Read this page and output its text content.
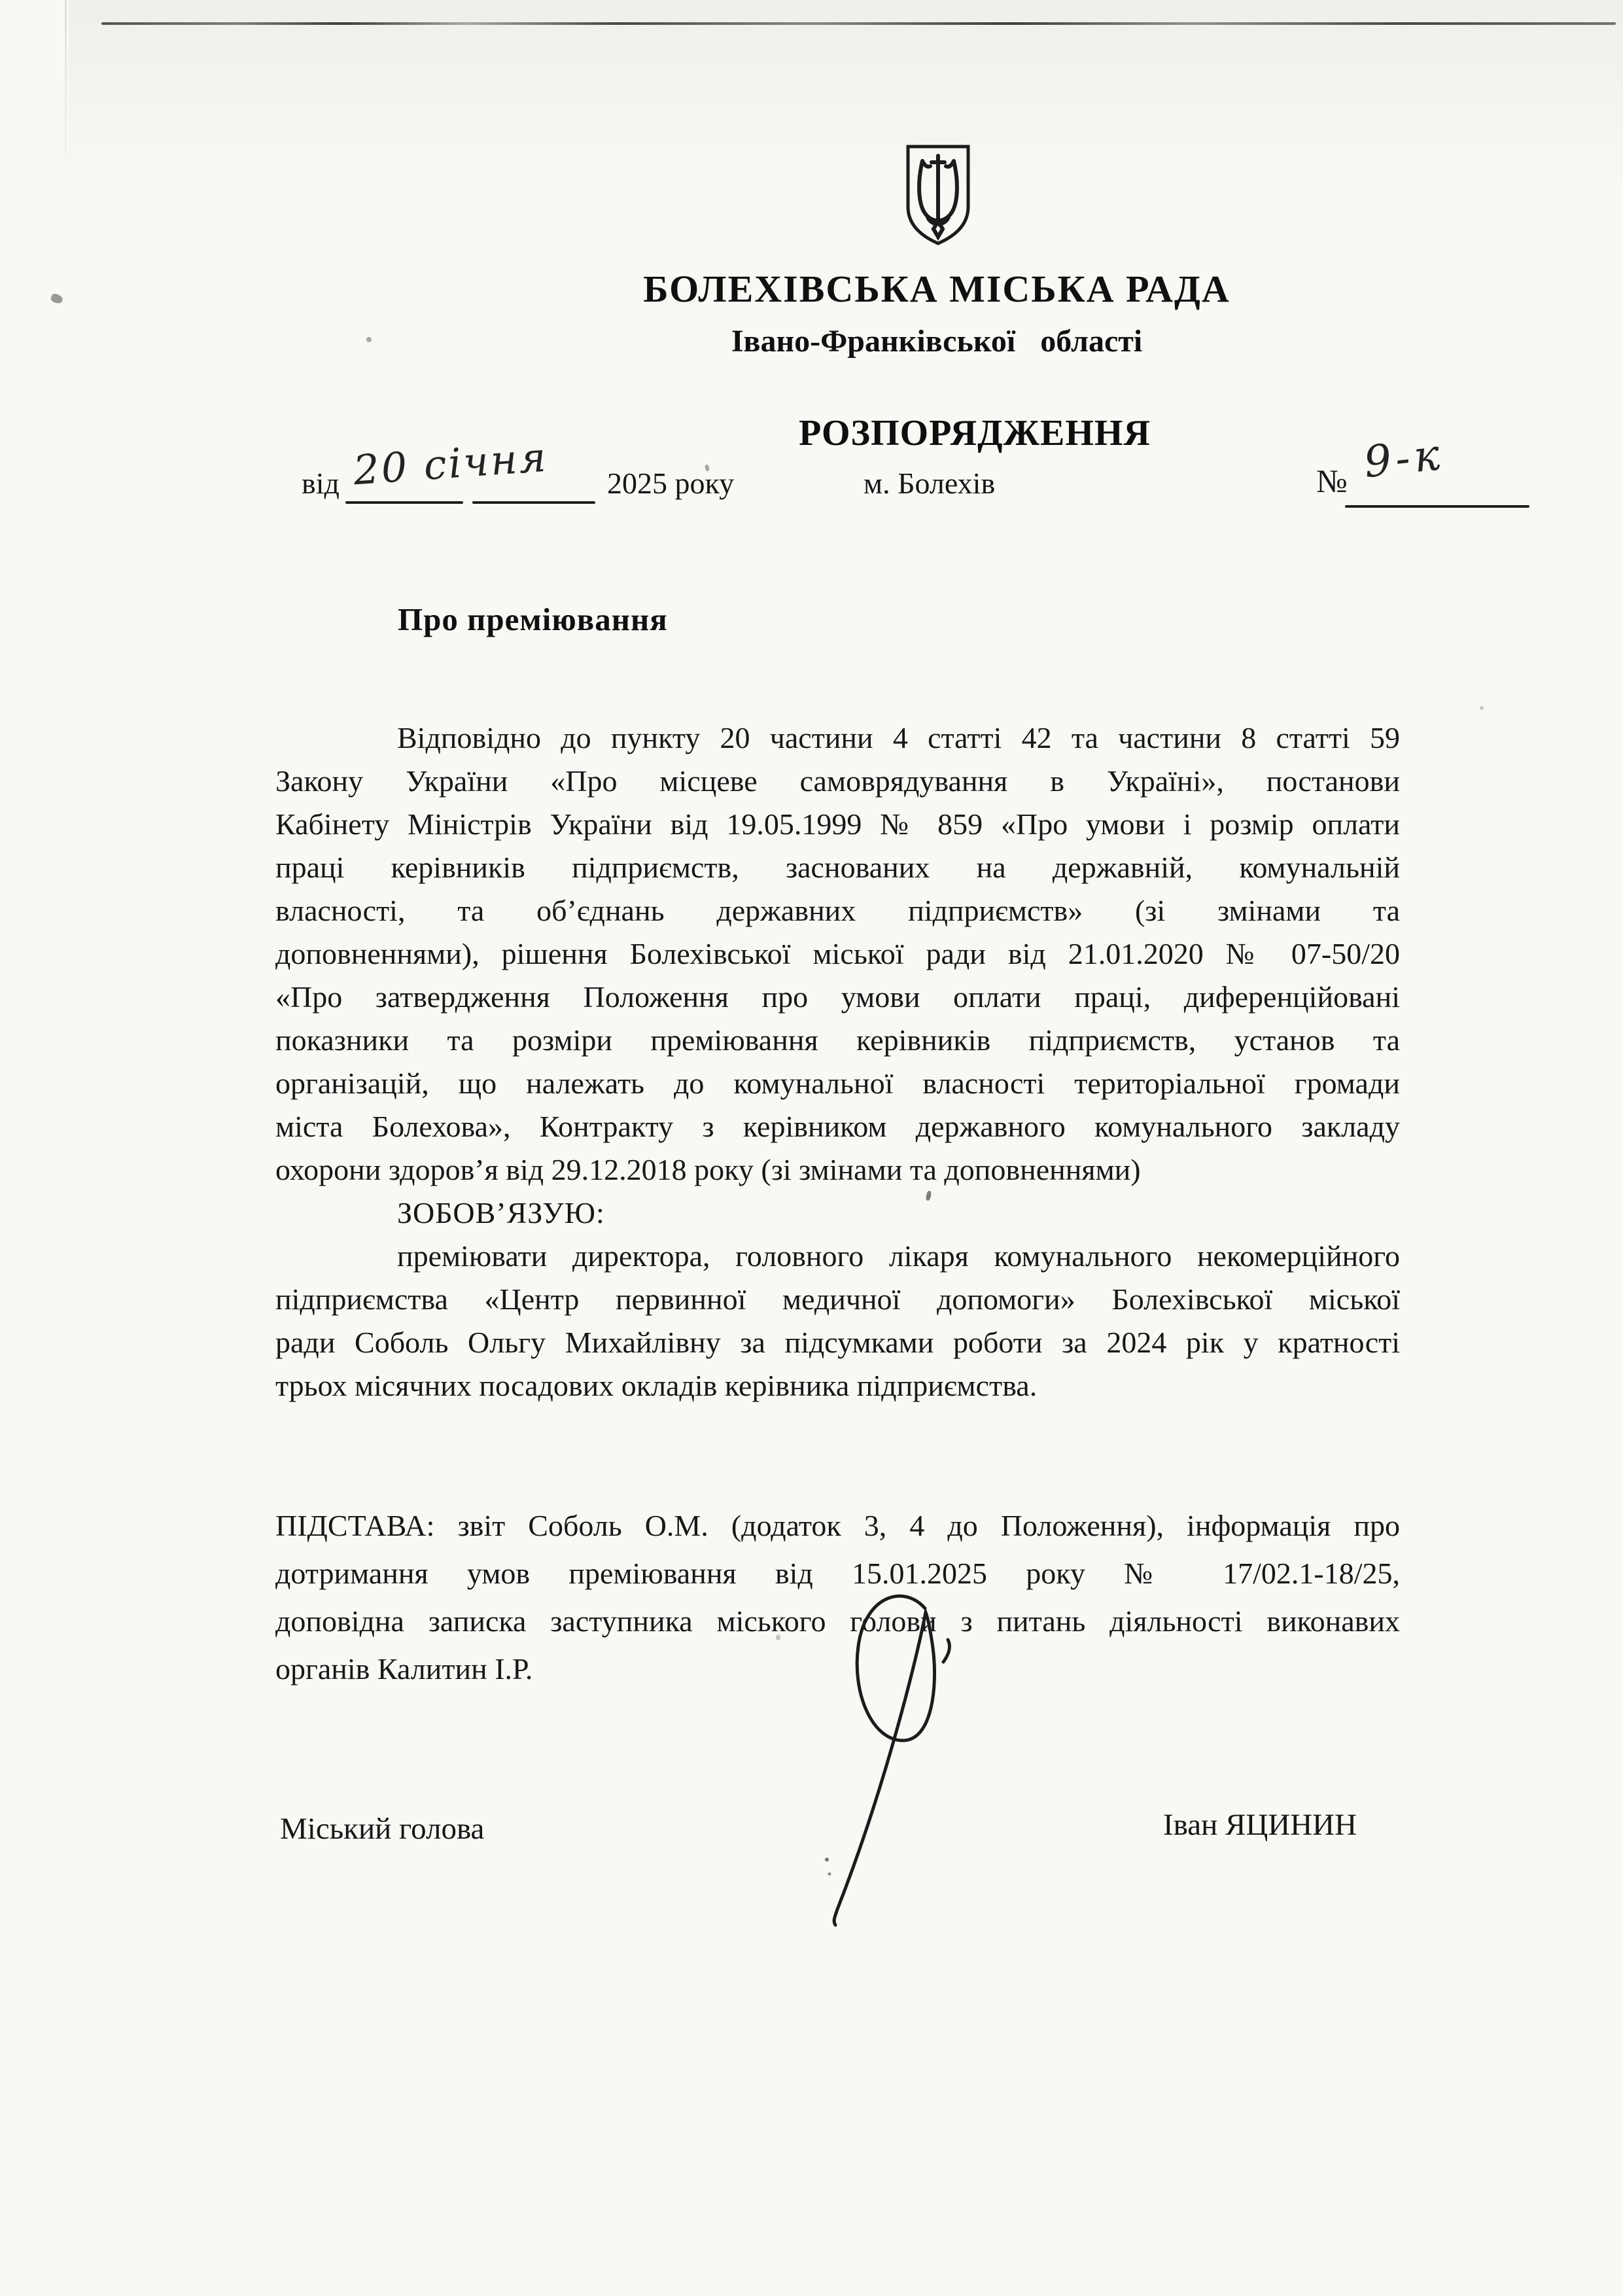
БОЛЕХІВСЬКА МІСЬКА РАДА
Івано-Франківської області
РОЗПОРЯДЖЕННЯ
від 20 січня 2025 року	м. Болехів	№ 9-к
Про преміювання
Відповідно до пункту 20 частини 4 статті 42 та частини 8 статті 59
Закону України «Про місцеве самоврядування в Україні», постанови
Кабінету Міністрів України від 19.05.1999 № 859 «Про умови і розмір оплати
праці керівників підприємств, заснованих на державній, комунальній
власності, та об’єднань державних підприємств» (зі змінами та
доповненнями), рішення Болехівської міської ради від 21.01.2020 № 07-50/20
«Про затвердження Положення про умови оплати праці, диференційовані
показники та розміри преміювання керівників підприємств, установ та
організацій, що належать до комунальної власності територіальної громади
міста Болехова», Контракту з керівником державного комунального закладу
охорони здоров’я від 29.12.2018 року (зі змінами та доповненнями)
ЗОБОВ’ЯЗУЮ:
преміювати директора, головного лікаря комунального некомерційного
підприємства «Центр первинної медичної допомоги» Болехівської міської
ради Соболь Ольгу Михайлівну за підсумками роботи за 2024 рік у кратності
трьох місячних посадових окладів керівника підприємства.
ПІДСТАВА: звіт Соболь О.М. (додаток 3, 4 до Положення), інформація про
дотримання умов преміювання від 15.01.2025 року № 17/02.1-18/25,
доповідна записка заступника міського голови з питань діяльності виконавих
органів Калитин І.Р.
Міський голова	Іван ЯЦИНИН
